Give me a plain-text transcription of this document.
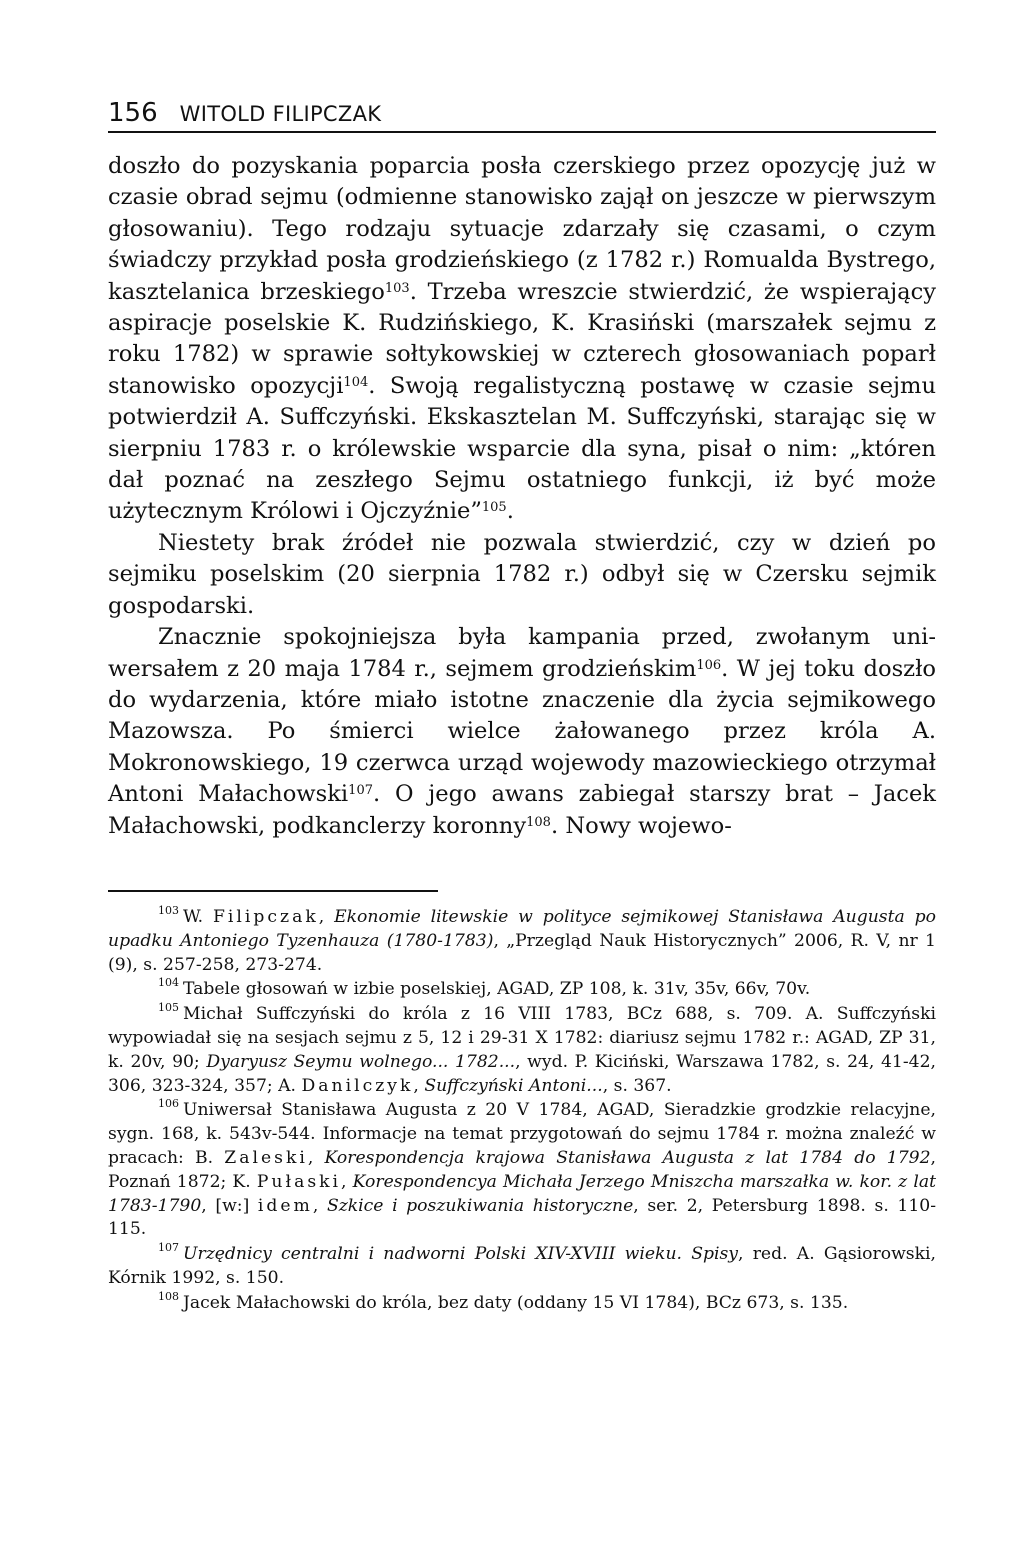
156 WITOLD FILIPCZAK

doszło do pozyskania poparcia posła czerskiego przez opozycję już w czasie obrad sejmu (odmienne stanowisko zajął on jeszcze w pierwszym głosowaniu). Tego rodzaju sytuacje zdarzały się czasami, o czym świadczy przykład posła grodzieńskiego (z 1782 r.) Romualda Bystrego, kasztelanica brzeskiego$^{103}$. Trzeba wreszcie stwierdzić, że wspierający aspiracje poselskie K. Rudzińskiego, K. Krasiński (marszałek sejmu z roku 1782) w sprawie sołtykowskiej w czterech głosowaniach poparł stanowisko opozycji$^{104}$. Swoją regalistyczną postawę w czasie sejmu potwierdził A. Suffczyński. Ekskasztelan M. Suffczyński, starając się w sierpniu 1783 r. o królewskie wsparcie dla syna, pisał o nim: „któren dał poznać na zeszłego Sejmu ostatniego funkcji, iż być może użytecznym Królowi i Ojczyźnie”$^{105}$.

Niestety brak źródeł nie pozwala stwierdzić, czy w dzień po sejmiku poselskim (20 sierpnia 1782 r.) odbył się w Czersku sejmik gospodarski.

Znacznie spokojniejsza była kampania przed, zwołanym uniwersałem z 20 maja 1784 r., sejmem grodzieńskim$^{106}$. W jej toku doszło do wydarzenia, które miało istotne znaczenie dla życia sejmikowego Mazowsza. Po śmierci wielce żałowanego przez króla A. Mokronowskiego, 19 czerwca urząd wojewody mazowieckiego otrzymał Antoni Małachowski$^{107}$. O jego awans zabiegał starszy brat – Jacek Małachowski, podkanclerzy koronny$^{108}$. Nowy wojewo-

$^{103}$ W. Filipczak, Ekonomie litewskie w polityce sejmikowej Stanisława Augusta po upadku Antoniego Tyzenhauza (1780-1783), „Przegląd Nauk Historycznych” 2006, R. V, nr 1 (9), s. 257-258, 273-274.

$^{104}$ Tabele głosowań w izbie poselskiej, AGAD, ZP 108, k. 31v, 35v, 66v, 70v.

$^{105}$ Michał Suffczyński do króla z 16 VIII 1783, BCz 688, s. 709. A. Suffczyński wypowiadał się na sesjach sejmu z 5, 12 i 29-31 X 1782: diariusz sejmu 1782 r.: AGAD, ZP 31, k. 20v, 90; Dyaryusz Seymu wolnego... 1782..., wyd. P. Kiciński, Warszawa 1782, s. 24, 41-42, 306, 323-324, 357; A. Danilczyk, Suffczyński Antoni..., s. 367.

$^{106}$ Uniwersał Stanisława Augusta z 20 V 1784, AGAD, Sieradzkie grodzkie relacyjne, sygn. 168, k. 543v-544. Informacje na temat przygotowań do sejmu 1784 r. można znaleźć w pracach: B. Zaleski, Korespondencja krajowa Stanisława Augusta z lat 1784 do 1792, Poznań 1872; K. Pułaski, Korespondencya Michała Jerzego Mniszcha marszałka w. kor. z lat 1783-1790, [w:] idem, Szkice i poszukiwania historyczne, ser. 2, Petersburg 1898. s. 110-115.

$^{107}$ Urzędnicy centralni i nadworni Polski XIV-XVIII wieku. Spisy, red. A. Gąsiorowski, Kórnik 1992, s. 150.

$^{108}$ Jacek Małachowski do króla, bez daty (oddany 15 VI 1784), BCz 673, s. 135.
